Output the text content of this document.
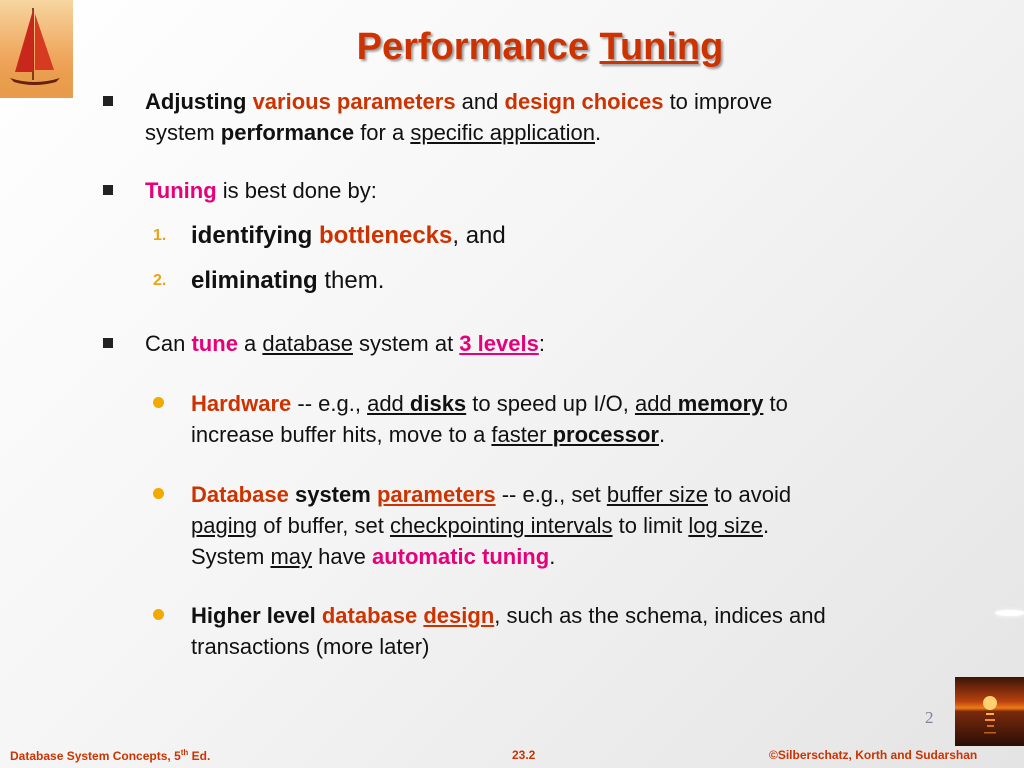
Performance Tuning
Adjusting various parameters and design choices to improve
system performance for a specific application.
Tuning is best done by:
1. identifying bottlenecks, and
2. eliminating them.
Can tune a database system at 3 levels:
Hardware -- e.g., add disks to speed up I/O, add memory to
increase buffer hits, move to a faster processor.
Database system parameters -- e.g., set buffer size to avoid
paging of buffer, set checkpointing intervals to limit log size.
System may have automatic tuning.
Higher level database design, such as the schema, indices and
transactions (more later)
2
Database System Concepts, 5th Ed.	23.2	©Silberschatz, Korth and Sudarshan
